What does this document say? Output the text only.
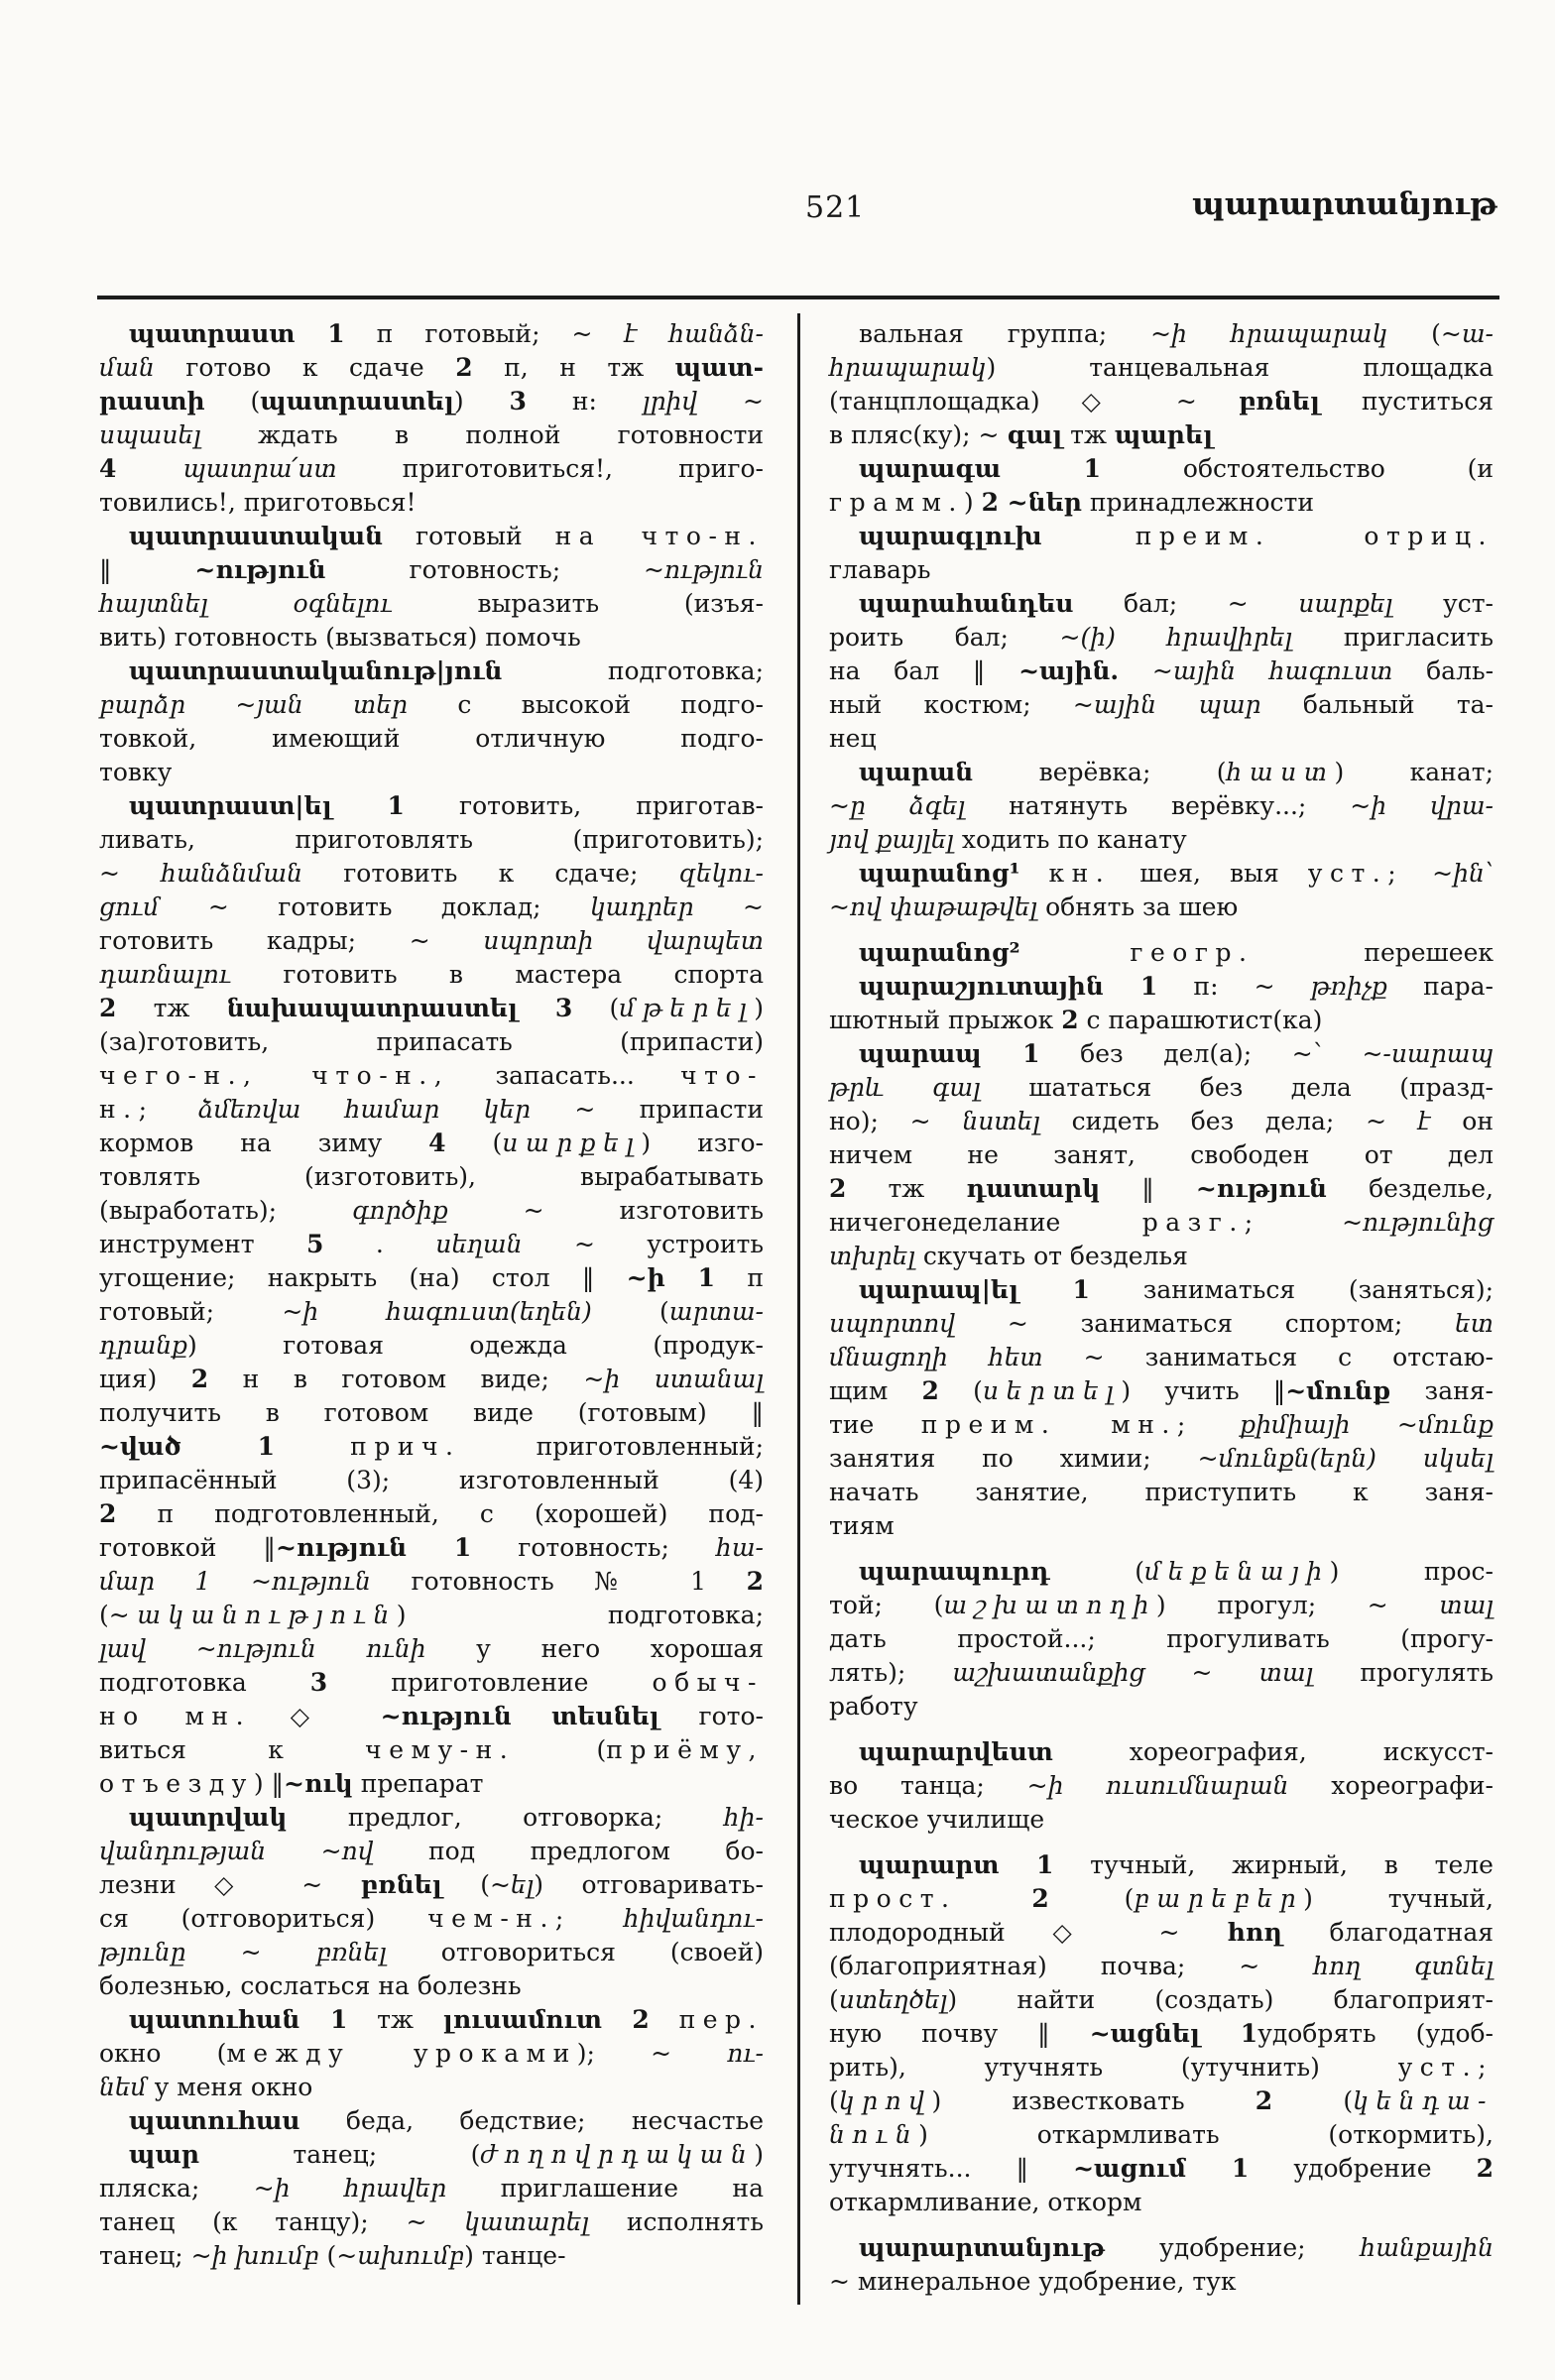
521	պարարտանյութ
պատրաստ 1 п готовый; ~ է հանձն-
ման готово к сдаче 2 п, н тж պատ-
րաստի (պատրաստել) 3 н: լրիվ ~
սպասել ждать в полной готовности
4 պատրա՛ստ приготовиться!, приго-
товились!, приготовься!
պատրաստական готовый на что-н.
‖ ~ություն готовность; ~ություն
հայտնել օգնելու выразить (изъя-
вить) готовность (вызваться) помочь
պատրաստականութ|յուն подготовка;
բարձր ~յան տեր с высокой подго-
товкой, имеющий отличную подго-
товку
պատրաստ|ել 1 готовить, приготав-
ливать, приготовлять (приготовить);
~ հանձնման готовить к сдаче; զեկու-
ցում ~ готовить доклад; կադրեր ~
готовить кадры; ~ սպորտի վարպետ
դառնալու готовить в мастера спорта
2 тж նախապատրաստել 3 (մթերել)
(за)готовить, припасать (припасти)
чего-н., что-н., запасать... что-
н.; ձմեռվա համար կեր ~ припасти
кормов на зиму 4 (սարքել) изго-
товлять (изготовить), вырабатывать
(выработать); գործիք ~ изготовить
инструмент 5 . սեղան ~ устроить
угощение; накрыть (на) стол ‖ ~ի 1 п
готовый; ~ի հագուստ(եղեն) (արտա-
դրանք) готовая одежда (продук-
ция) 2 н в готовом виде; ~ի ստանալ
получить в готовом виде (готовым) ‖
~ված 1	прич. приготовленный;
припасённый (3); изготовленный (4)
2 п подготовленный, с (хорошей) под-
готовкой ‖~ություն 1 готовность; հա-
մար 1 ~ություն готовность № 1 2
(~ականություն) подготовка;
լավ ~ություն ունի у него хорошая
подготовка 3 приготовление обыч-
но мн. ◇ ~ություն տեսնել гото-
виться к чему-н. (приёму,
отъезду) ‖~ուկ препарат
պատրվակ предлог, отговорка; հի-
վանդության ~ով под предлогом бо-
лезни ◇ ~ բռնել (~ել) отговаривать-
ся (отговориться) чем-н.; հիվանդու-
թյունը ~ բռնել отговориться (своей)
болезнью, сослаться на болезнь
պատուհան 1 тж լուսամուտ 2 пер.
окно (между уроками); ~ ու-
նեմ у меня окно
պատուհաս беда, бедствие; несчастье
պար танец; (ժողովրդական)
пляска; ~ի հրավեր приглашение на
танец (к танцу); ~ կատարել исполнять
танец; ~ի խումբ (~ախումբ) танце-
вальная группа; ~ի հրապարակ (~ա-
հրապարակ) танцевальная площадка
(танцплощадка) ◇ ~ բռնել пуститься
в пляс(ку); ~ գալ тж պարել
պարագա 1 обстоятельство (и
грамм.) 2 ~ներ принадлежности
պարագլուխ	преим.	отриц.
главарь
պարահանդես бал; ~ սարքել уст-
роить бал; ~(ի) հրավիրել пригласить
на бал ‖ ~ային. ~ային հագուստ баль-
ный костюм; ~ային պար бальный та-
нец
պարան верёвка; (հաստ) канат;
~ը ձգել натянуть верёвку...; ~ի վրա-
յով քայլել ходить по канату
պարանոց¹ кн. шея, выя уст.; ~ին՝
~ով փաթաթվել обнять за шею
պարանոց²	геогр. перешеек
պարաշյուտային 1 п: ~ թռիչք пара-
шютный прыжок 2 с парашютист(ка)
պարապ 1 без дел(а); ~՝ ~-սարապ
թրև գալ шататься без дела (празд-
но); ~ նստել сидеть без дела; ~ է он
ничем не занят, свободен от дел
2 тж դատարկ ‖ ~ություն безделье,
ничегонеделание разг.;	~ությունից
տխրել скучать от безделья
պարապ|ել 1 заниматься (заняться);
սպորտով ~ заниматься спортом; ետ
մնացողի հետ ~ заниматься с отстаю-
щим 2 (սերտել) учить ‖~մունք заня-
тие преим. мн.; քիմիայի ~մունք
занятия по химии; ~մունքն(երն) սկսել
начать занятие, приступить к заня-
тиям
պարապուրդ (մեքենայի) прос-
той; (աշխատողի) прогул; ~ տալ
дать простой...; прогуливать (прогу-
лять); աշխատանքից ~ տալ прогулять
работу
պարարվեստ хореография, искусст-
во танца; ~ի ուսումնարան хореографи-
ческое училище
պարարտ 1 тучный, жирный, в теле
прост.	2 (բարեբեր) тучный,
плодородный ◇ ~ հող благодатная
(благоприятная) почва; ~ հող գտնել
(ստեղծել) найти (создать) благоприят-
ную почву ‖ ~ացնել 1удобрять (удоб-
рить), утучнять (утучнить) уст.;
(կրով) известковать 2 (կենդա-
նուն) откармливать (откормить),
утучнять... ‖ ~ացում 1 удобрение 2
откармливание, откорм
պարարտանյութ удобрение; հանքային
~ минеральное удобрение, тук
